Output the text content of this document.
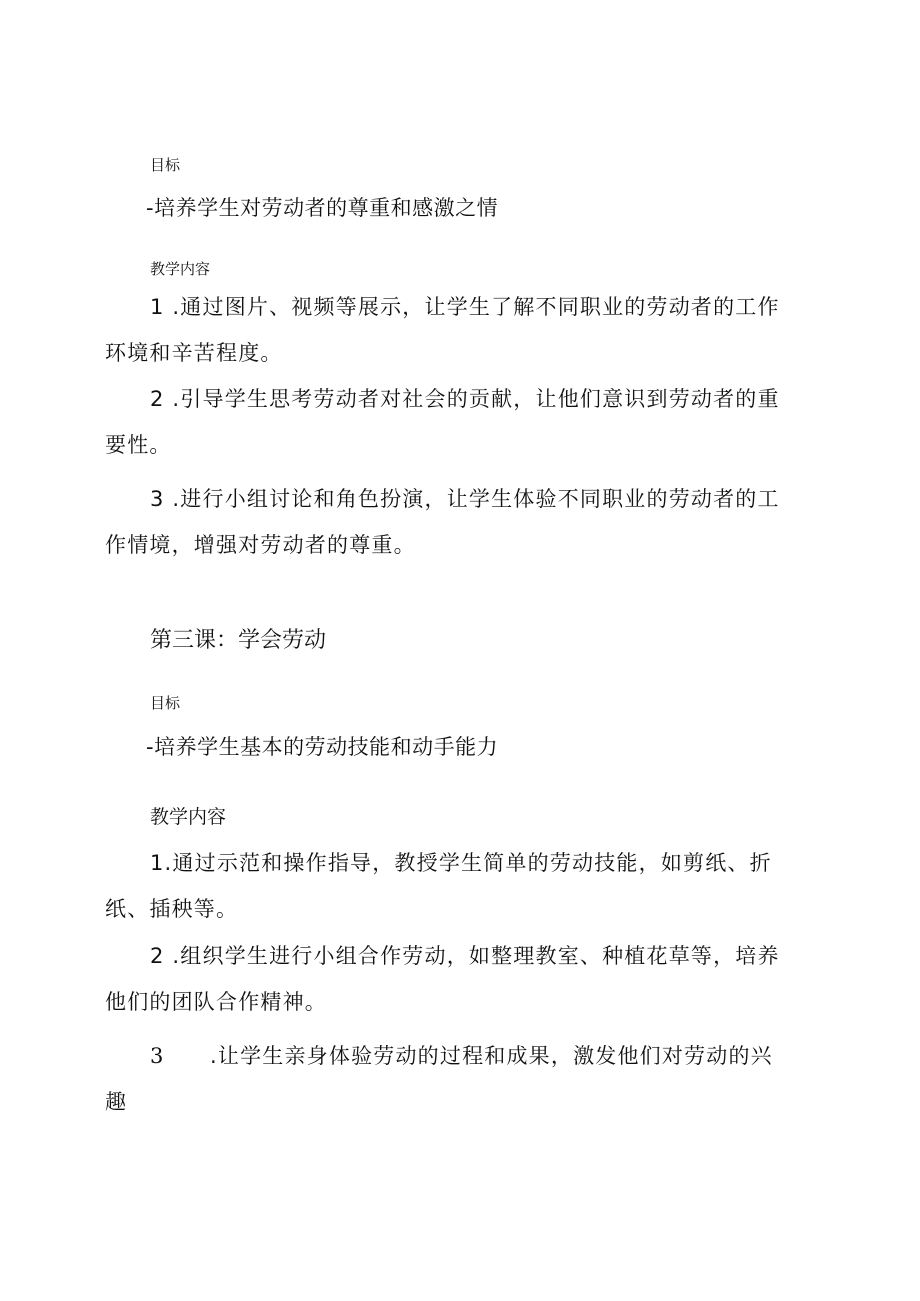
目标

-培养学生对劳动者的尊重和感激之情

教学内容

1 .通过图片、视频等展示，让学生了解不同职业的劳动者的工作

环境和辛苦程度。

2 .引导学生思考劳动者对社会的贡献，让他们意识到劳动者的重

要性。

3 .进行小组讨论和角色扮演，让学生体验不同职业的劳动者的工

作情境，增强对劳动者的尊重。

第三课：学会劳动

目标

-培养学生基本的劳动技能和动手能力

教学内容

1.通过示范和操作指导，教授学生简单的劳动技能，如剪纸、折

纸、插秧等。

2 .组织学生进行小组合作劳动，如整理教室、种植花草等，培养

他们的团队合作精神。

3 .让学生亲身体验劳动的过程和成果，激发他们对劳动的兴

趣
